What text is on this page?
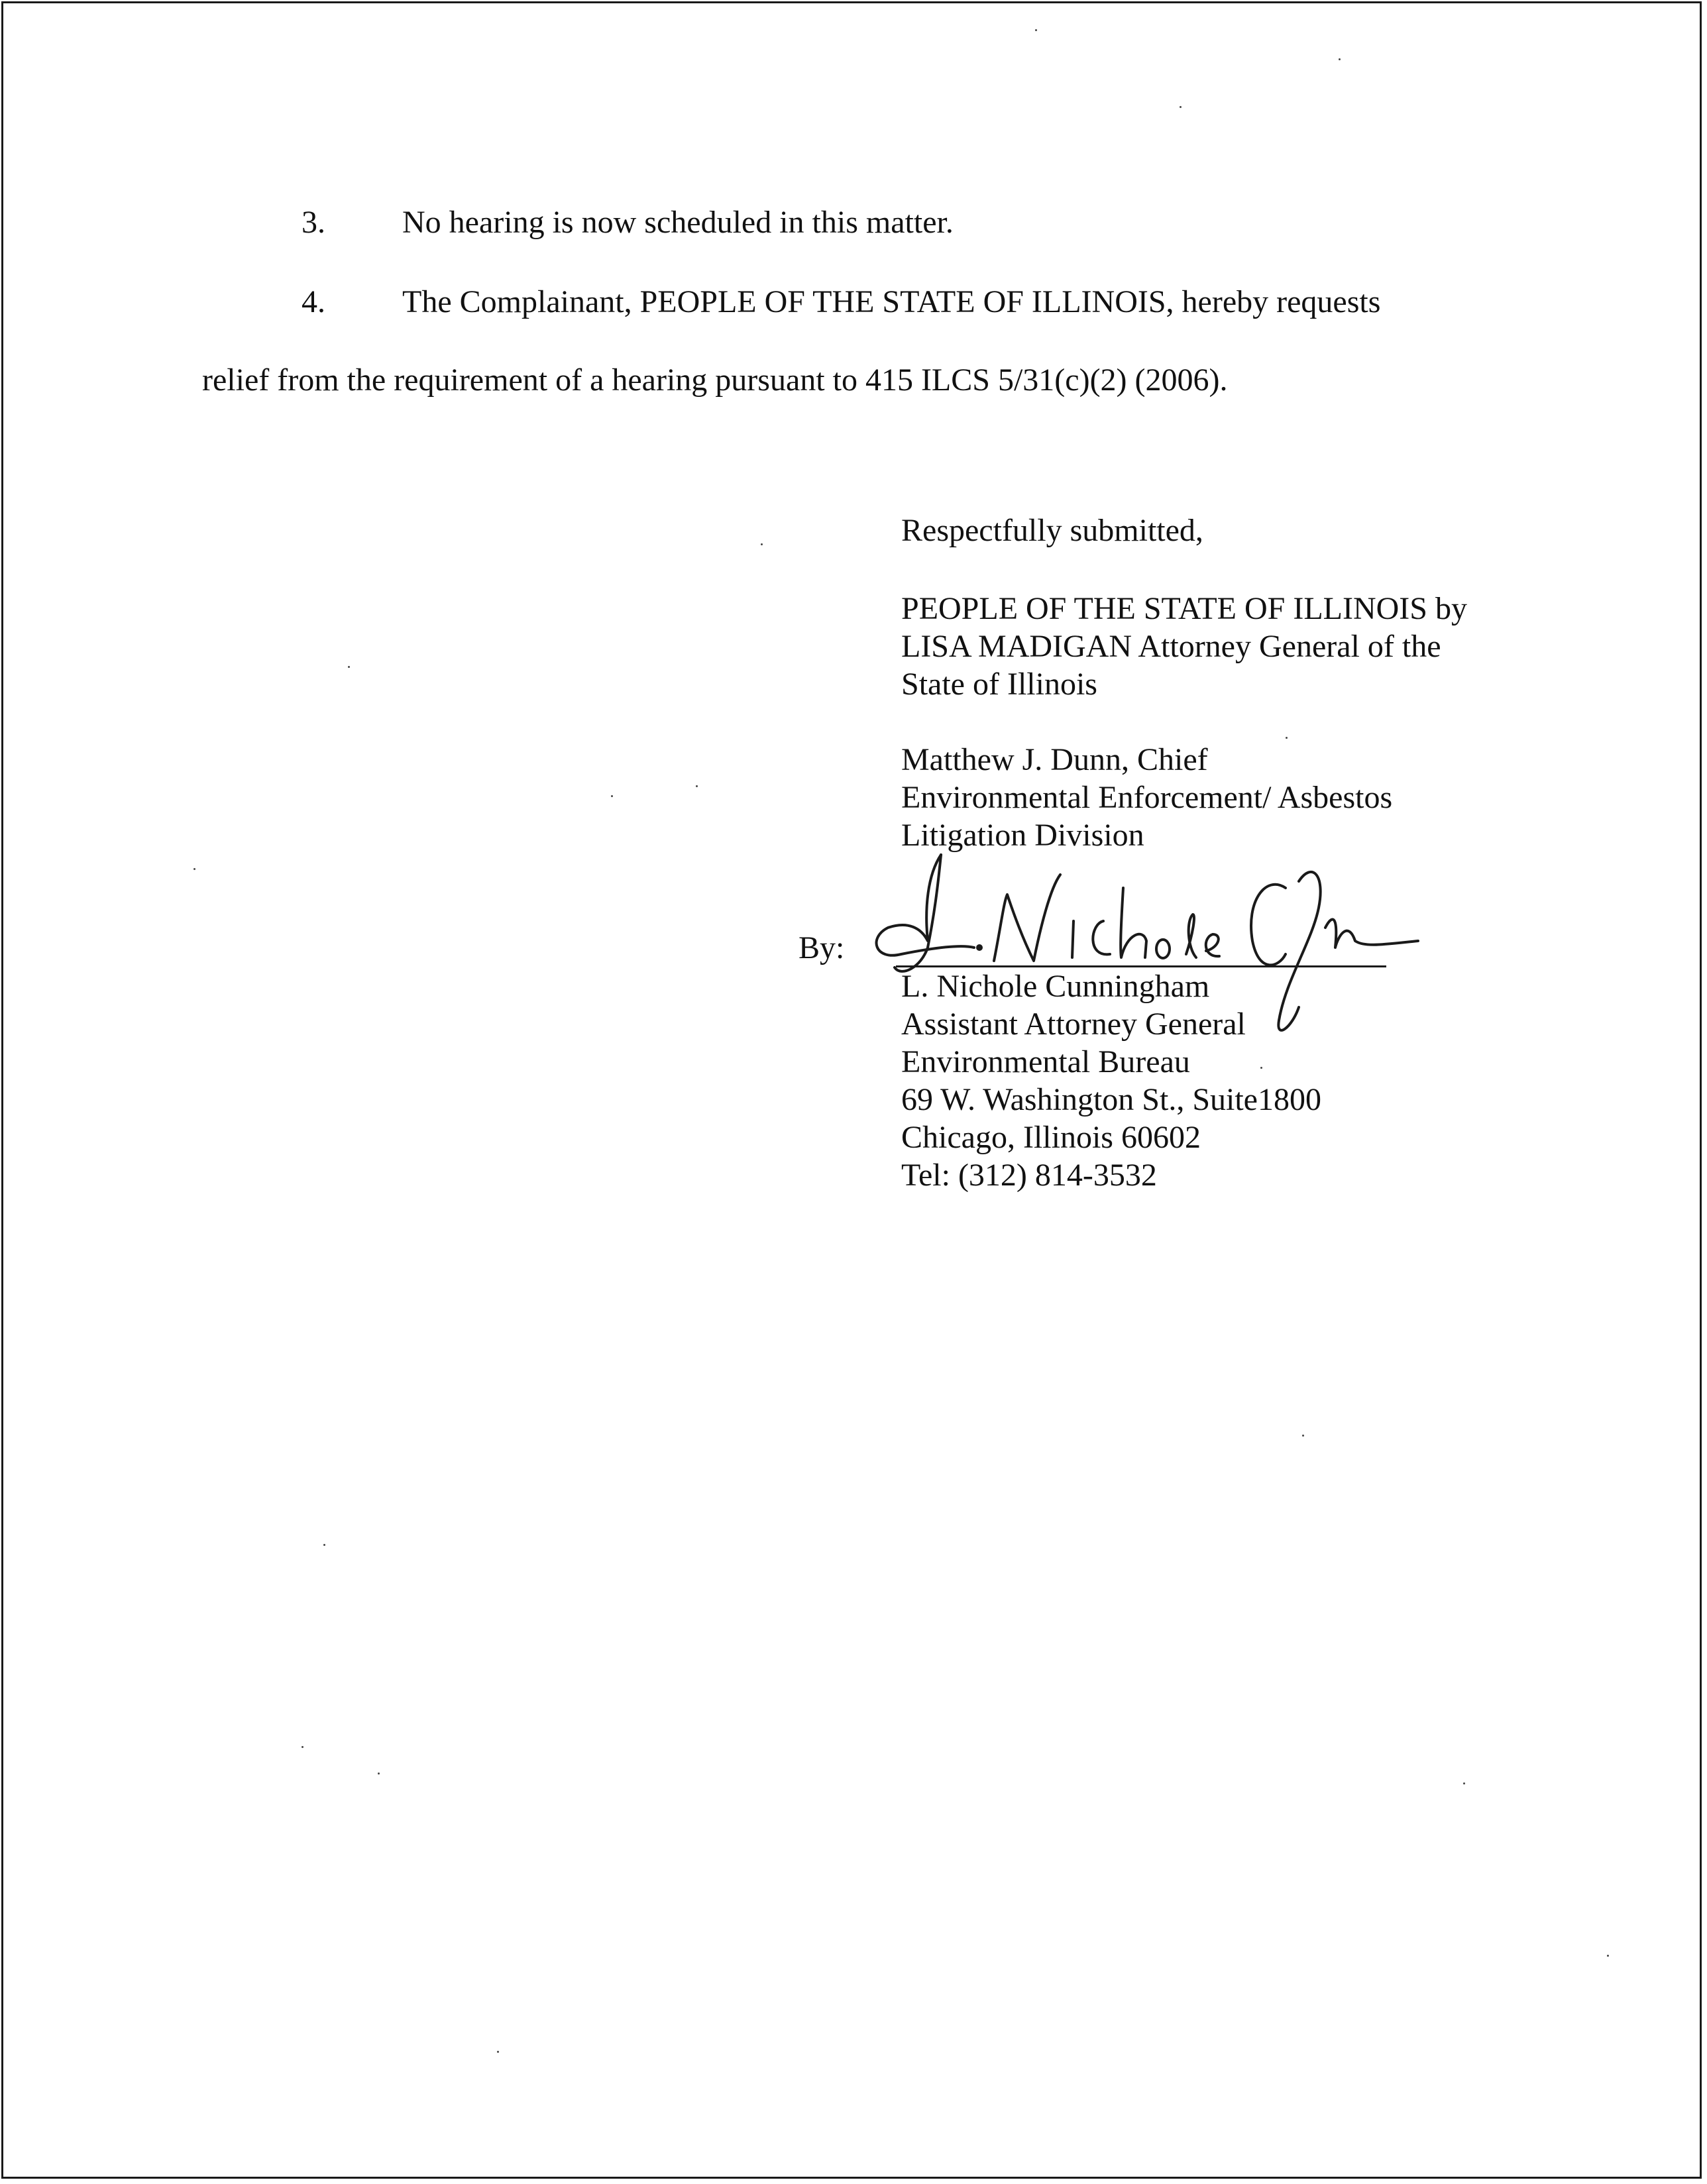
3. No hearing is now scheduled in this matter.
4. The Complainant, PEOPLE OF THE STATE OF ILLINOIS, hereby requests
relief from the requirement of a hearing pursuant to 415 ILCS 5/31(c)(2) (2006).
Respectfully submitted,
PEOPLE OF THE STATE OF ILLINOIS by
LISA MADIGAN Attorney General of the
State of Illinois
Matthew J. Dunn, Chief
Environmental Enforcement/ Asbestos
Litigation Division
By:
L. Nichole Cunningham
Assistant Attorney General
Environmental Bureau
69 W. Washington St., Suite1800
Chicago, Illinois 60602
Tel: (312) 814-3532
